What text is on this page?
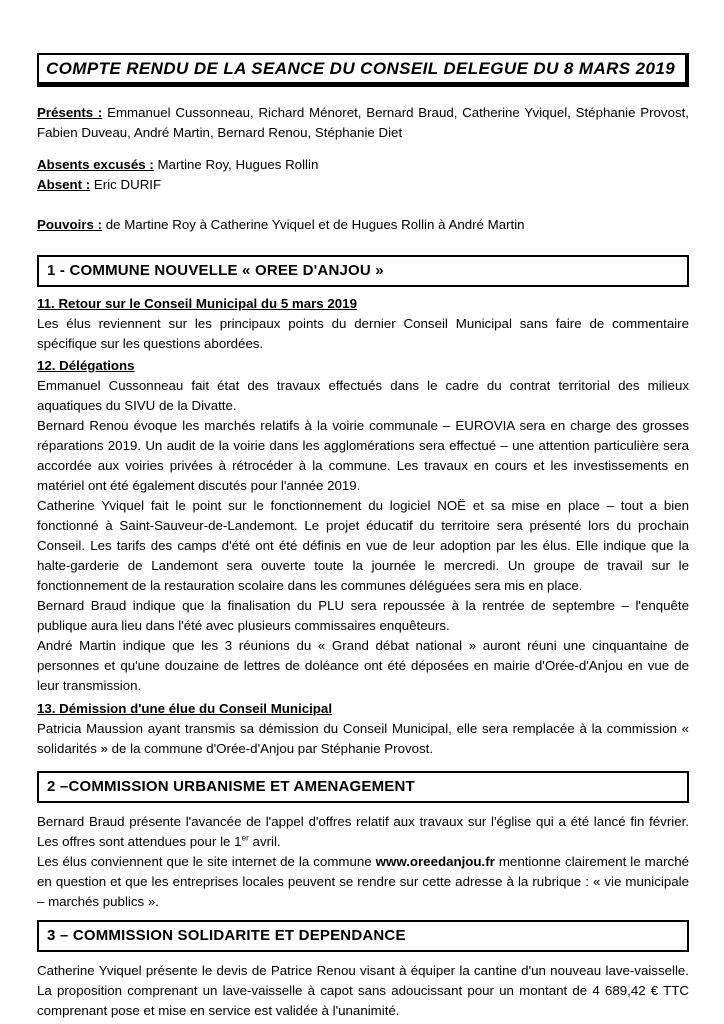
COMPTE RENDU DE LA SEANCE DU CONSEIL DELEGUE DU 8 MARS 2019

Présents : Emmanuel Cussonneau, Richard Ménoret, Bernard Braud, Catherine Yviquel, Stéphanie Provost, Fabien Duveau, André Martin, Bernard Renou, Stéphanie Diet

Absents excusés : Martine Roy, Hugues Rollin

Absent : Eric DURIF

Pouvoirs : de Martine Roy à Catherine Yviquel et de Hugues Rollin à André Martin

1 - COMMUNE NOUVELLE « OREE D'ANJOU »

11. Retour sur le Conseil Municipal du 5 mars 2019

Les élus reviennent sur les principaux points du dernier Conseil Municipal sans faire de commentaire spécifique sur les questions abordées.

12. Délégations

Emmanuel Cussonneau fait état des travaux effectués dans le cadre du contrat territorial des milieux aquatiques du SIVU de la Divatte.

Bernard Renou évoque les marchés relatifs à la voirie communale – EUROVIA sera en charge des grosses réparations 2019. Un audit de la voirie dans les agglomérations sera effectué – une attention particulière sera accordée aux voiries privées à rétrocéder à la commune. Les travaux en cours et les investissements en matériel ont été également discutés pour l'année 2019.

Catherine Yviquel fait le point sur le fonctionnement du logiciel NOË et sa mise en place – tout a bien fonctionné à Saint-Sauveur-de-Landemont. Le projet éducatif du territoire sera présenté lors du prochain Conseil. Les tarifs des camps d'été ont été définis en vue de leur adoption par les élus. Elle indique que la halte-garderie de Landemont sera ouverte toute la journée le mercredi. Un groupe de travail sur le fonctionnement de la restauration scolaire dans les communes déléguées sera mis en place.

Bernard Braud indique que la finalisation du PLU sera repoussée à la rentrée de septembre – l'enquête publique aura lieu dans l'été avec plusieurs commissaires enquêteurs.

André Martin indique que les 3 réunions du « Grand débat national » auront réuni une cinquantaine de personnes et qu'une douzaine de lettres de doléance ont été déposées en mairie d'Orée-d'Anjou en vue de leur transmission.

13. Démission d'une élue du Conseil Municipal

Patricia Maussion ayant transmis sa démission du Conseil Municipal, elle sera remplacée à la commission « solidarités » de la commune d'Orée-d'Anjou par Stéphanie Provost.

2 –COMMISSION URBANISME ET AMENAGEMENT

Bernard Braud présente l'avancée de l'appel d'offres relatif aux travaux sur l'église qui a été lancé fin février. Les offres sont attendues pour le 1er avril.

Les élus conviennent que le site internet de la commune www.oreedanjou.fr mentionne clairement le marché en question et que les entreprises locales peuvent se rendre sur cette adresse à la rubrique : « vie municipale – marchés publics ».

3 – COMMISSION SOLIDARITE ET DEPENDANCE

Catherine Yviquel présente le devis de Patrice Renou visant à équiper la cantine d'un nouveau lave-vaisselle. La proposition comprenant un lave-vaisselle à capot sans adoucissant pour un montant de 4 689,42 € TTC comprenant pose et mise en service est validée à l'unanimité.
